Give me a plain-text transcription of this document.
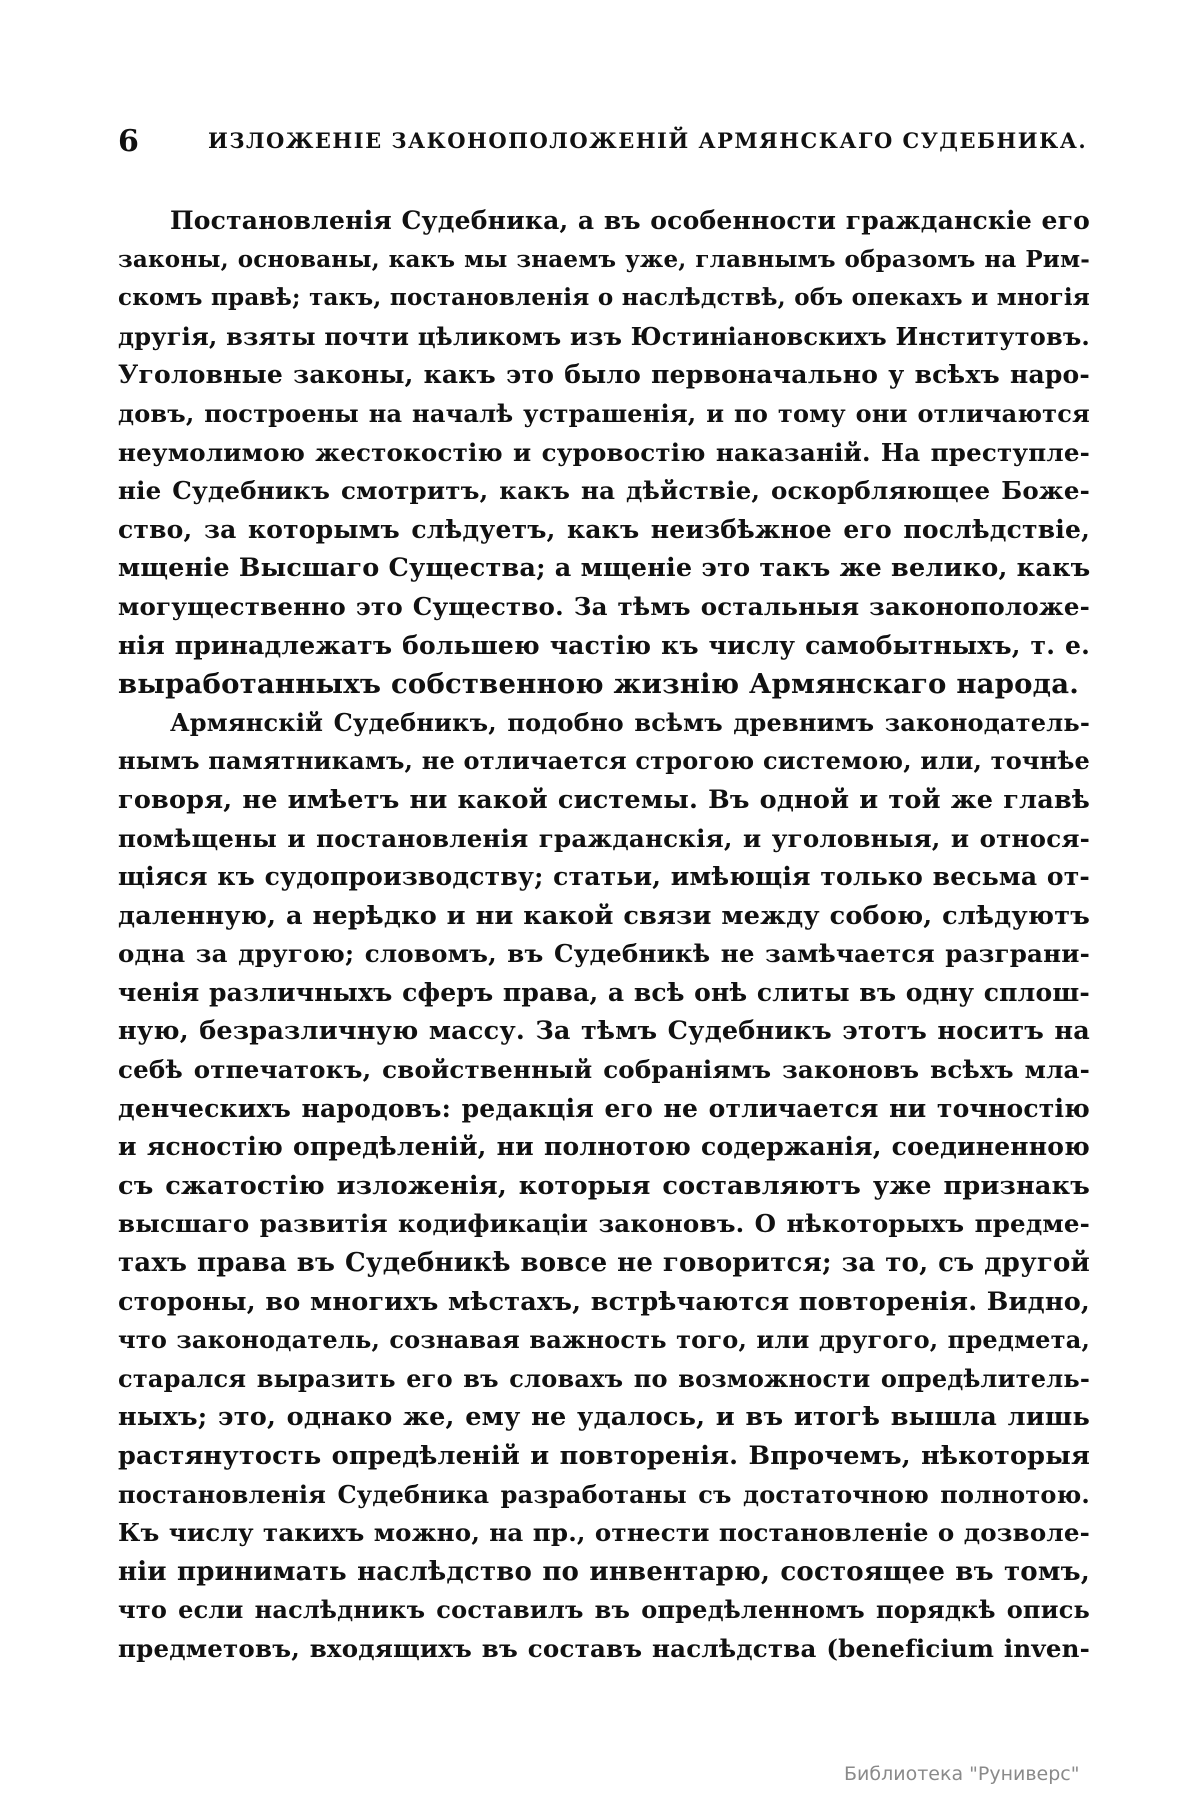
6	ИЗЛОЖЕНІЕ ЗАКОНОПОЛОЖЕНІЙ АРМЯНСКАГО СУДЕБНИКА.
Постановленія Судебника, а въ особенности гражданскіе его
законы, основаны, какъ мы знаемъ уже, главнымъ образомъ на Рим-
скомъ правѣ; такъ, постановленія о наслѣдствѣ, объ опекахъ и многія
другія, взяты почти цѣликомъ изъ Юстиніановскихъ Институтовъ.
Уголовные законы, какъ это было первоначально у всѣхъ наро-
довъ, построены на началѣ устрашенія, и по тому они отличаются
неумолимою жестокостію и суровостію наказаній. На преступле-
ніе Судебникъ смотритъ, какъ на дѣйствіе, оскорбляющее Боже-
ство, за которымъ слѣдуетъ, какъ неизбѣжное его послѣдствіе,
мщеніе Высшаго Существа; а мщеніе это такъ же велико, какъ
могущественно это Существо. За тѣмъ остальныя законоположе-
нія принадлежатъ большею частію къ числу самобытныхъ, т. е.
выработанныхъ собственною жизнію Армянскаго народа.
Армянскій Судебникъ, подобно всѣмъ древнимъ законодатель-
нымъ памятникамъ, не отличается строгою системою, или, точнѣе
говоря, не имѣетъ ни какой системы. Въ одной и той же главѣ
помѣщены и постановленія гражданскія, и уголовныя, и относя-
щіяся къ судопроизводству; статьи, имѣющія только весьма от-
даленную, а нерѣдко и ни какой связи между собою, слѣдуютъ
одна за другою; словомъ, въ Судебникѣ не замѣчается разграни-
ченія различныхъ сферъ права, а всѣ онѣ слиты въ одну сплош-
ную, безразличную массу. За тѣмъ Судебникъ этотъ носитъ на
себѣ отпечатокъ, свойственный собраніямъ законовъ всѣхъ мла-
денческихъ народовъ: редакція его не отличается ни точностію
и ясностію опредѣленій, ни полнотою содержанія, соединенною
съ сжатостію изложенія, которыя составляютъ уже признакъ
высшаго развитія кодификаціи законовъ. О нѣкоторыхъ предме-
тахъ права въ Судебникѣ вовсе не говорится; за то, съ другой
стороны, во многихъ мѣстахъ, встрѣчаются повторенія. Видно,
что законодатель, сознавая важность того, или другого, предмета,
старался выразить его въ словахъ по возможности опредѣлитель-
ныхъ; это, однако же, ему не удалось, и въ итогѣ вышла лишь
растянутость опредѣленій и повторенія. Впрочемъ, нѣкоторыя
постановленія Судебника разработаны съ достаточною полнотою.
Къ числу такихъ можно, на пр., отнести постановленіе о дозволе-
ніи принимать наслѣдство по инвентарю, состоящее въ томъ,
что если наслѣдникъ составилъ въ опредѣленномъ порядкѣ опись
предметовъ, входящихъ въ составъ наслѣдства (beneficium inven-
Библиотека "Руниверс"
